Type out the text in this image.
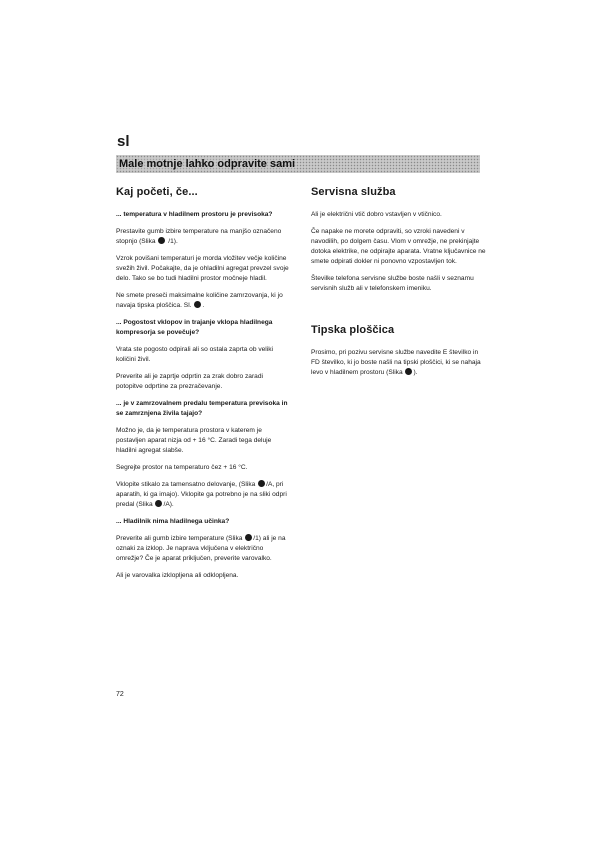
sl
Male motnje lahko odpravite sami
Kaj početi, če...
... temperatura v hladilnem prostoru je previsoka?
Prestavite gumb izbire temperature na manjšo označeno stopnjo (Slika  /1).
Vzrok povišani temperaturi je morda vložitev večje količine svežih živil. Počakajte, da je ohladilni agregat prevzel svoje delo. Tako se bo tudi hladilni prostor močneje hladil.
Ne smete preseči maksimalne količine zamrzovanja, ki jo navaja tipska ploščica. Sl. .
... Pogostost vklopov in trajanje vklopa hladilnega kompresorja se povečuje?
Vrata ste pogosto odpirali ali so ostala zaprta ob veliki količini živil.
Preverite ali je zaprtje odprtin za zrak dobro zaradi potopitve odprtine za prezračevanje.
... je v zamrzovalnem predalu temperatura previsoka in se zamrznjena živila tajajo?
Možno je, da je temperatura prostora v katerem je postavljen aparat nizja od + 16 °C. Zaradi tega deluje hladilni agregat slabše.
Segrejte prostor na temperaturo čez + 16 °C.
Vklopite stikalo za tamensatno delovanje, (Slika /A, pri aparatih, ki ga imajo). Vklopite ga potrebno je na sliki odpri predal (Slika /A).
... Hladilnik nima hladilnega učinka?
Preverite ali gumb izbire temperature (Slika /1) ali je na oznaki za izklop. Je naprava vključena v električno omrežje? Če je aparat priključen, preverite varovalko.
Ali je varovalka izklopljena ali odklopljena.
Servisna služba
Ali je električni vtič dobro vstavljen v vtičnico.
Če napake ne morete odpraviti, so vzroki navedeni v navodilih, po dolgem času. Vlom v omrežje, ne prekinjajte dotoka elektrike, ne odpirajte aparata. Vratne ključavnice ne smete odpirati dokler ni ponovno vzpostavljen tok.
Številke telefona servisne službe boste našli v seznamu servisnih služb ali v telefonskem imeniku.
Tipska ploščica
Prosimo, pri pozivu servisne službe navedite E številko in FD številko, ki jo boste našli na tipski ploščici, ki se nahaja levo v hladilnem prostoru (Slika ).
72
